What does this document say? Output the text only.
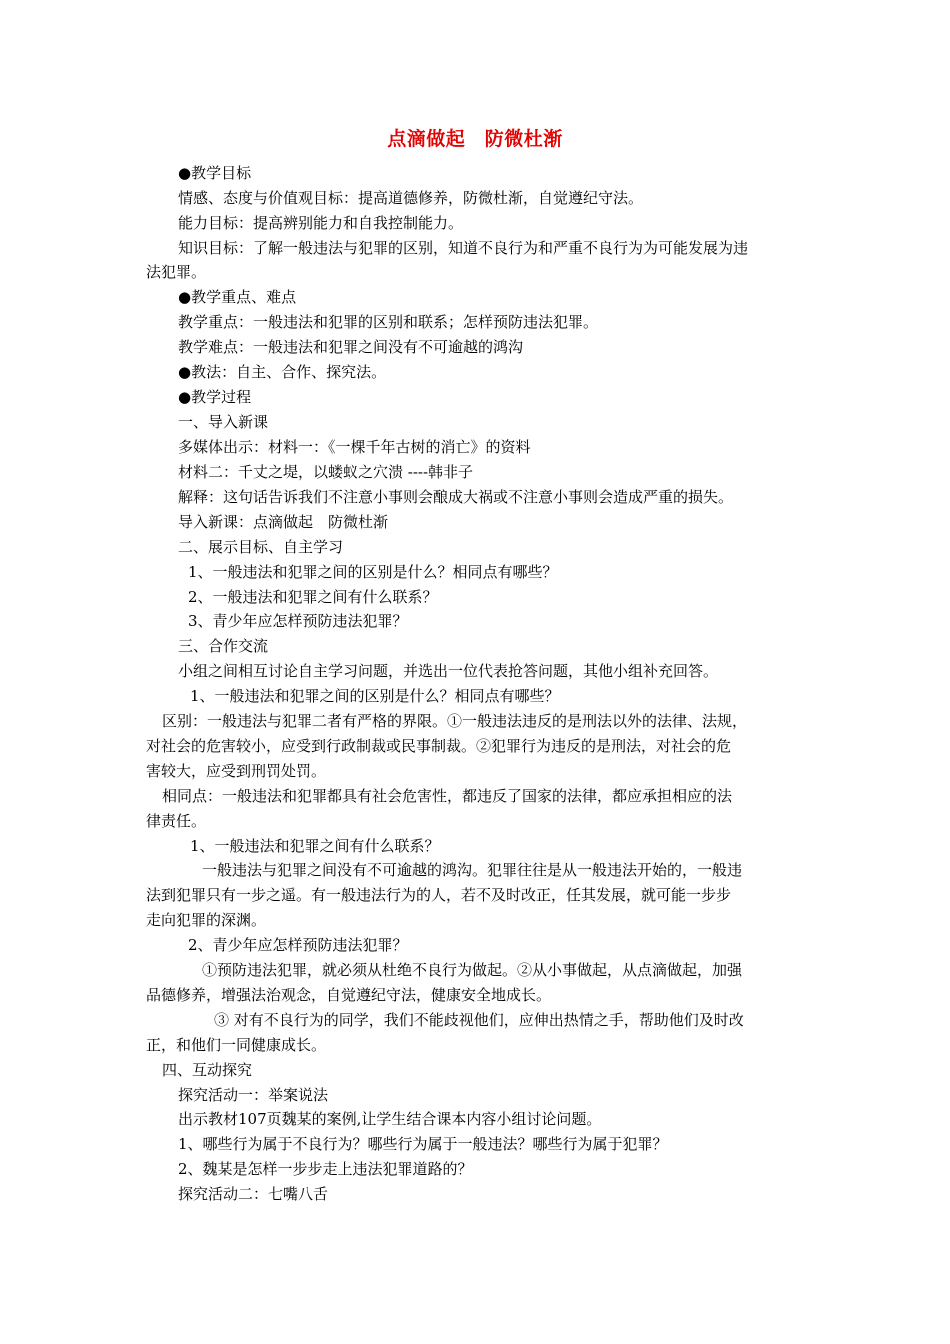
点滴做起　防微杜渐
●教学目标
情感、态度与价值观目标：提高道德修养，防微杜渐，自觉遵纪守法。
能力目标：提高辨别能力和自我控制能力。
知识目标：了解一般违法与犯罪的区别，知道不良行为和严重不良行为为可能发展为违
法犯罪。
●教学重点、难点
教学重点：一般违法和犯罪的区别和联系；怎样预防违法犯罪。
教学难点：一般违法和犯罪之间没有不可逾越的鸿沟
●教法：自主、合作、探究法。
●教学过程
一、导入新课
多媒体出示：材料一：《一棵千年古树的消亡》的资料
材料二：千丈之堤，以蝼蚁之穴溃 ----韩非子
解释：这句话告诉我们不注意小事则会酿成大祸或不注意小事则会造成严重的损失。
导入新课：点滴做起　防微杜渐
二、展示目标、自主学习
1、一般违法和犯罪之间的区别是什么？相同点有哪些？
2、一般违法和犯罪之间有什么联系？
3、青少年应怎样预防违法犯罪？
三、合作交流
小组之间相互讨论自主学习问题，并选出一位代表抢答问题，其他小组补充回答。
1、一般违法和犯罪之间的区别是什么？相同点有哪些？
区别：一般违法与犯罪二者有严格的界限。①一般违法违反的是刑法以外的法律、法规，
对社会的危害较小，应受到行政制裁或民事制裁。②犯罪行为违反的是刑法，对社会的危
害较大，应受到刑罚处罚。
相同点：一般违法和犯罪都具有社会危害性，都违反了国家的法律，都应承担相应的法
律责任。
1、一般违法和犯罪之间有什么联系？
一般违法与犯罪之间没有不可逾越的鸿沟。犯罪往往是从一般违法开始的，一般违
法到犯罪只有一步之遥。有一般违法行为的人，若不及时改正，任其发展，就可能一步步
走向犯罪的深渊。
2、青少年应怎样预防违法犯罪？
①预防违法犯罪，就必须从杜绝不良行为做起。②从小事做起，从点滴做起，加强
品德修养，增强法治观念，自觉遵纪守法，健康安全地成长。
③ 对有不良行为的同学，我们不能歧视他们，应伸出热情之手，帮助他们及时改
正，和他们一同健康成长。
四、互动探究
探究活动一：举案说法
出示教材107页魏某的案例,让学生结合课本内容小组讨论问题。
1、哪些行为属于不良行为？哪些行为属于一般违法？哪些行为属于犯罪？
2、魏某是怎样一步步走上违法犯罪道路的？
探究活动二：七嘴八舌
